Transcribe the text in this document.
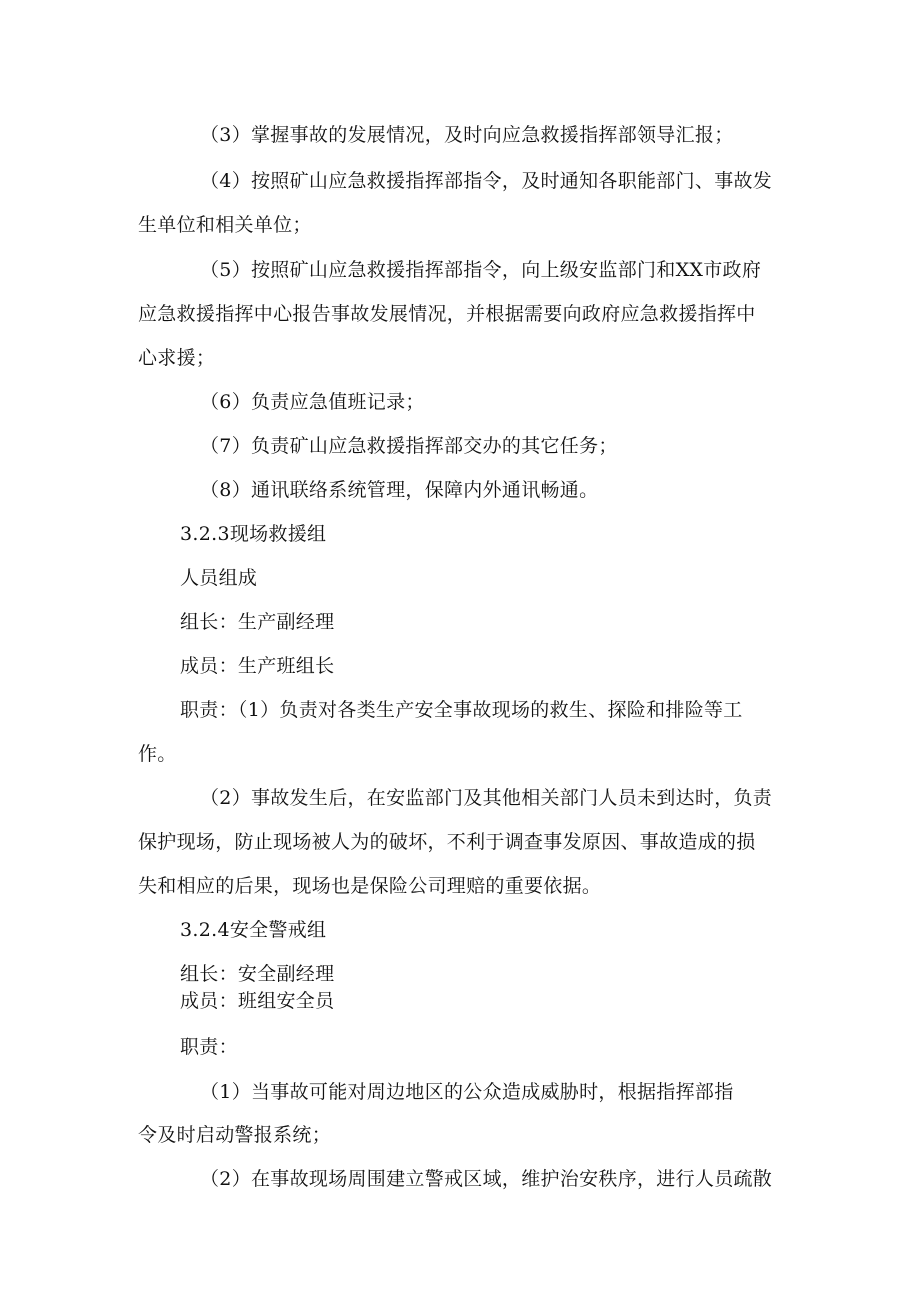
（3）掌握事故的发展情况，及时向应急救援指挥部领导汇报；
（4）按照矿山应急救援指挥部指令，及时通知各职能部门、事故发
生单位和相关单位；
（5）按照矿山应急救援指挥部指令，向上级安监部门和XX市政府
应急救援指挥中心报告事故发展情况，并根据需要向政府应急救援指挥中
心求援；
（6）负责应急值班记录；
（7）负责矿山应急救援指挥部交办的其它任务；
（8）通讯联络系统管理，保障内外通讯畅通。
3.2.3现场救援组
人员组成
组长：生产副经理
成员：生产班组长
职责：（1）负责对各类生产安全事故现场的救生、探险和排险等工
作。
（2）事故发生后，在安监部门及其他相关部门人员未到达时，负责
保护现场，防止现场被人为的破坏，不利于调查事发原因、事故造成的损
失和相应的后果，现场也是保险公司理赔的重要依据。
3.2.4安全警戒组
组长：安全副经理
成员：班组安全员
职责：
（1）当事故可能对周边地区的公众造成威胁时，根据指挥部指
令及时启动警报系统；
（2）在事故现场周围建立警戒区域，维护治安秩序，进行人员疏散
